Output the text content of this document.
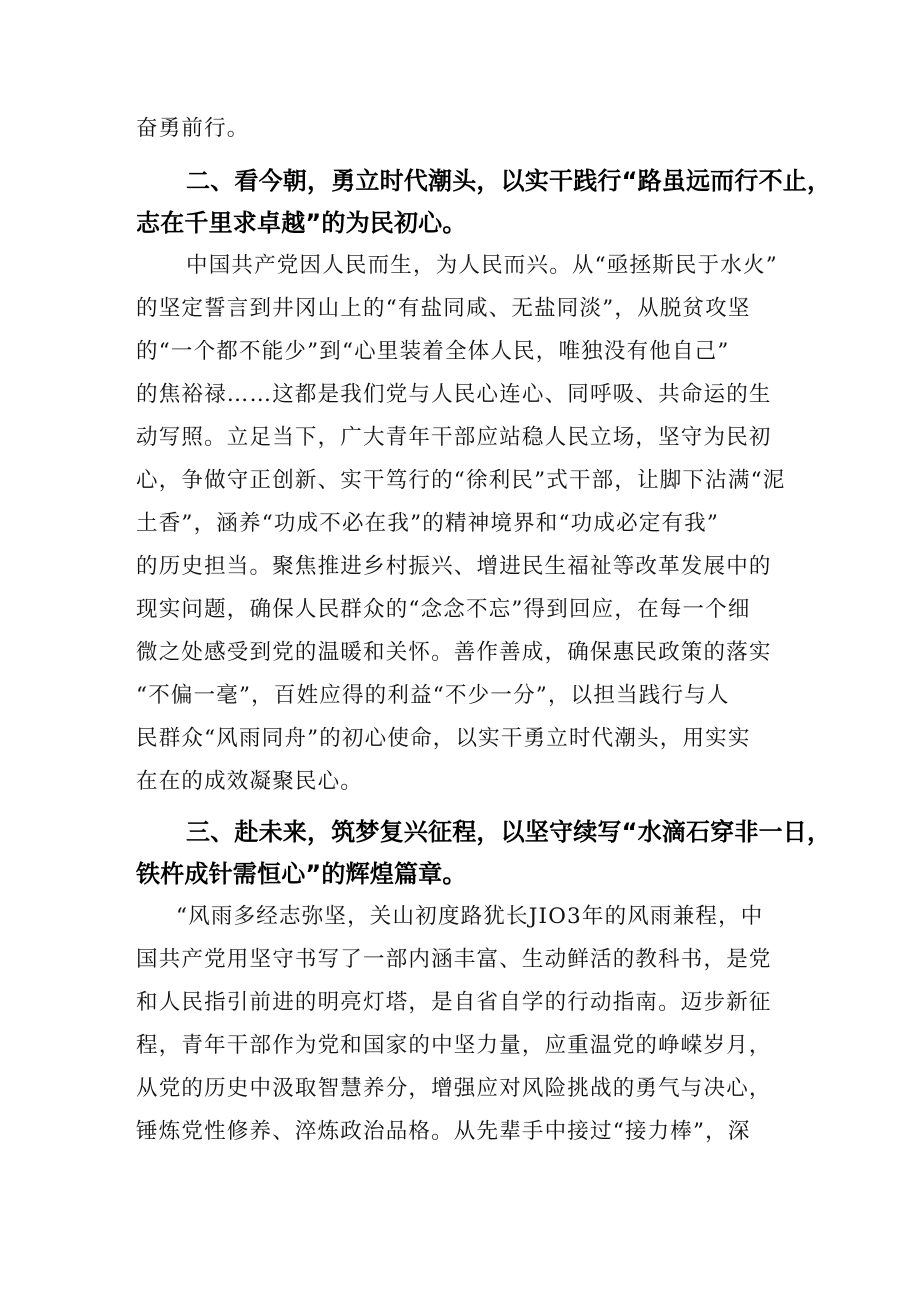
奋勇前行。

二、看今朝，勇立时代潮头，以实干践行“路虽远而行不止，

志在千里求卓越”的为民初心。

中国共产党因人民而生，为人民而兴。从“亟拯斯民于水火”

的坚定誓言到井冈山上的“有盐同咸、无盐同淡”，从脱贫攻坚

的“一个都不能少”到“心里装着全体人民，唯独没有他自己”

的焦裕禄……这都是我们党与人民心连心、同呼吸、共命运的生

动写照。立足当下，广大青年干部应站稳人民立场，坚守为民初

心，争做守正创新、实干笃行的“徐利民”式干部，让脚下沾满“泥

土香”，涵养“功成不必在我”的精神境界和“功成必定有我”

的历史担当。聚焦推进乡村振兴、增进民生福祉等改革发展中的

现实问题，确保人民群众的“念念不忘”得到回应，在每一个细

微之处感受到党的温暖和关怀。善作善成，确保惠民政策的落实

“不偏一毫”，百姓应得的利益“不少一分”，以担当践行与人

民群众“风雨同舟”的初心使命，以实干勇立时代潮头，用实实

在在的成效凝聚民心。

三、赴未来，筑梦复兴征程，以坚守续写“水滴石穿非一日，

铁杵成针需恒心”的辉煌篇章。

“风雨多经志弥坚，关山初度路犹长JIO3年的风雨兼程，中

国共产党用坚守书写了一部内涵丰富、生动鲜活的教科书，是党

和人民指引前进的明亮灯塔，是自省自学的行动指南。迈步新征

程，青年干部作为党和国家的中坚力量，应重温党的峥嵘岁月，

从党的历史中汲取智慧养分，增强应对风险挑战的勇气与决心，

锤炼党性修养、淬炼政治品格。从先辈手中接过“接力棒”，深
